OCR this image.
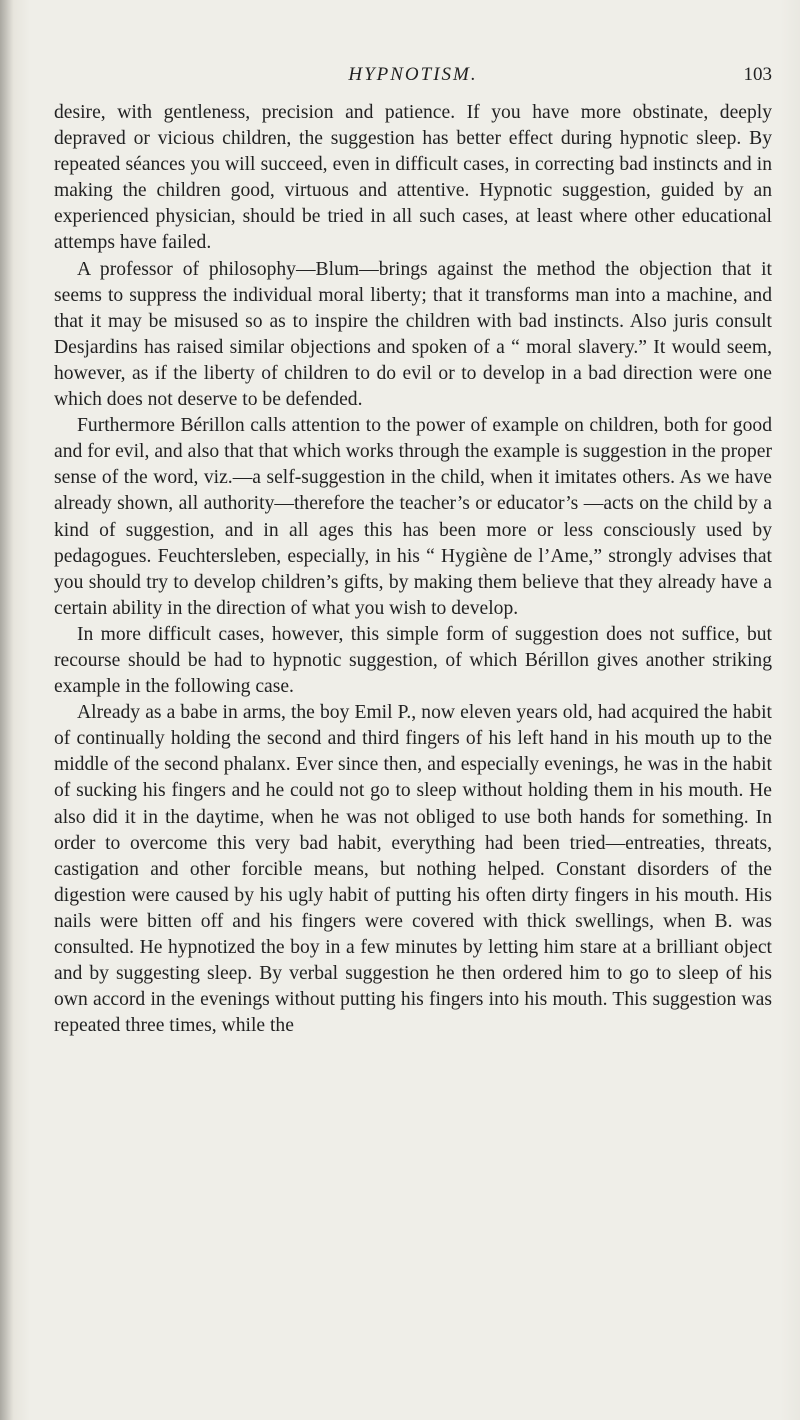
HYPNOTISM.	103

desire, with gentleness, precision and patience. If you have more obstinate, deeply depraved or vicious children, the suggestion has better effect during hypnotic sleep. By repeated séances you will succeed, even in difficult cases, in correcting bad instincts and in making the children good, virtuous and attentive. Hypnotic suggestion, guided by an experienced physician, should be tried in all such cases, at least where other educational attemps have failed.

A professor of philosophy—Blum—brings against the method the objection that it seems to suppress the individual moral liberty; that it transforms man into a machine, and that it may be misused so as to inspire the children with bad instincts. Also juris consult Desjardins has raised similar objections and spoken of a “ moral slavery.” It would seem, however, as if the liberty of children to do evil or to develop in a bad direction were one which does not deserve to be defended.

Furthermore Bérillon calls attention to the power of example on children, both for good and for evil, and also that that which works through the example is suggestion in the proper sense of the word, viz.—a self-suggestion in the child, when it imitates others. As we have already shown, all authority—therefore the teacher’s or educator’s —acts on the child by a kind of suggestion, and in all ages this has been more or less consciously used by pedagogues. Feuchtersleben, especially, in his “ Hygiène de l’Ame,” strongly advises that you should try to develop children’s gifts, by making them believe that they already have a certain ability in the direction of what you wish to develop.

In more difficult cases, however, this simple form of suggestion does not suffice, but recourse should be had to hypnotic suggestion, of which Bérillon gives another striking example in the following case.

Already as a babe in arms, the boy Emil P., now eleven years old, had acquired the habit of continually holding the second and third fingers of his left hand in his mouth up to the middle of the second phalanx. Ever since then, and especially evenings, he was in the habit of sucking his fingers and he could not go to sleep without holding them in his mouth. He also did it in the daytime, when he was not obliged to use both hands for something. In order to overcome this very bad habit, everything had been tried—entreaties, threats, castigation and other forcible means, but nothing helped. Constant disorders of the digestion were caused by his ugly habit of putting his often dirty fingers in his mouth. His nails were bitten off and his fingers were covered with thick swellings, when B. was consulted. He hypnotized the boy in a few minutes by letting him stare at a brilliant object and by suggesting sleep. By verbal suggestion he then ordered him to go to sleep of his own accord in the evenings without putting his fingers into his mouth. This suggestion was repeated three times, while the
